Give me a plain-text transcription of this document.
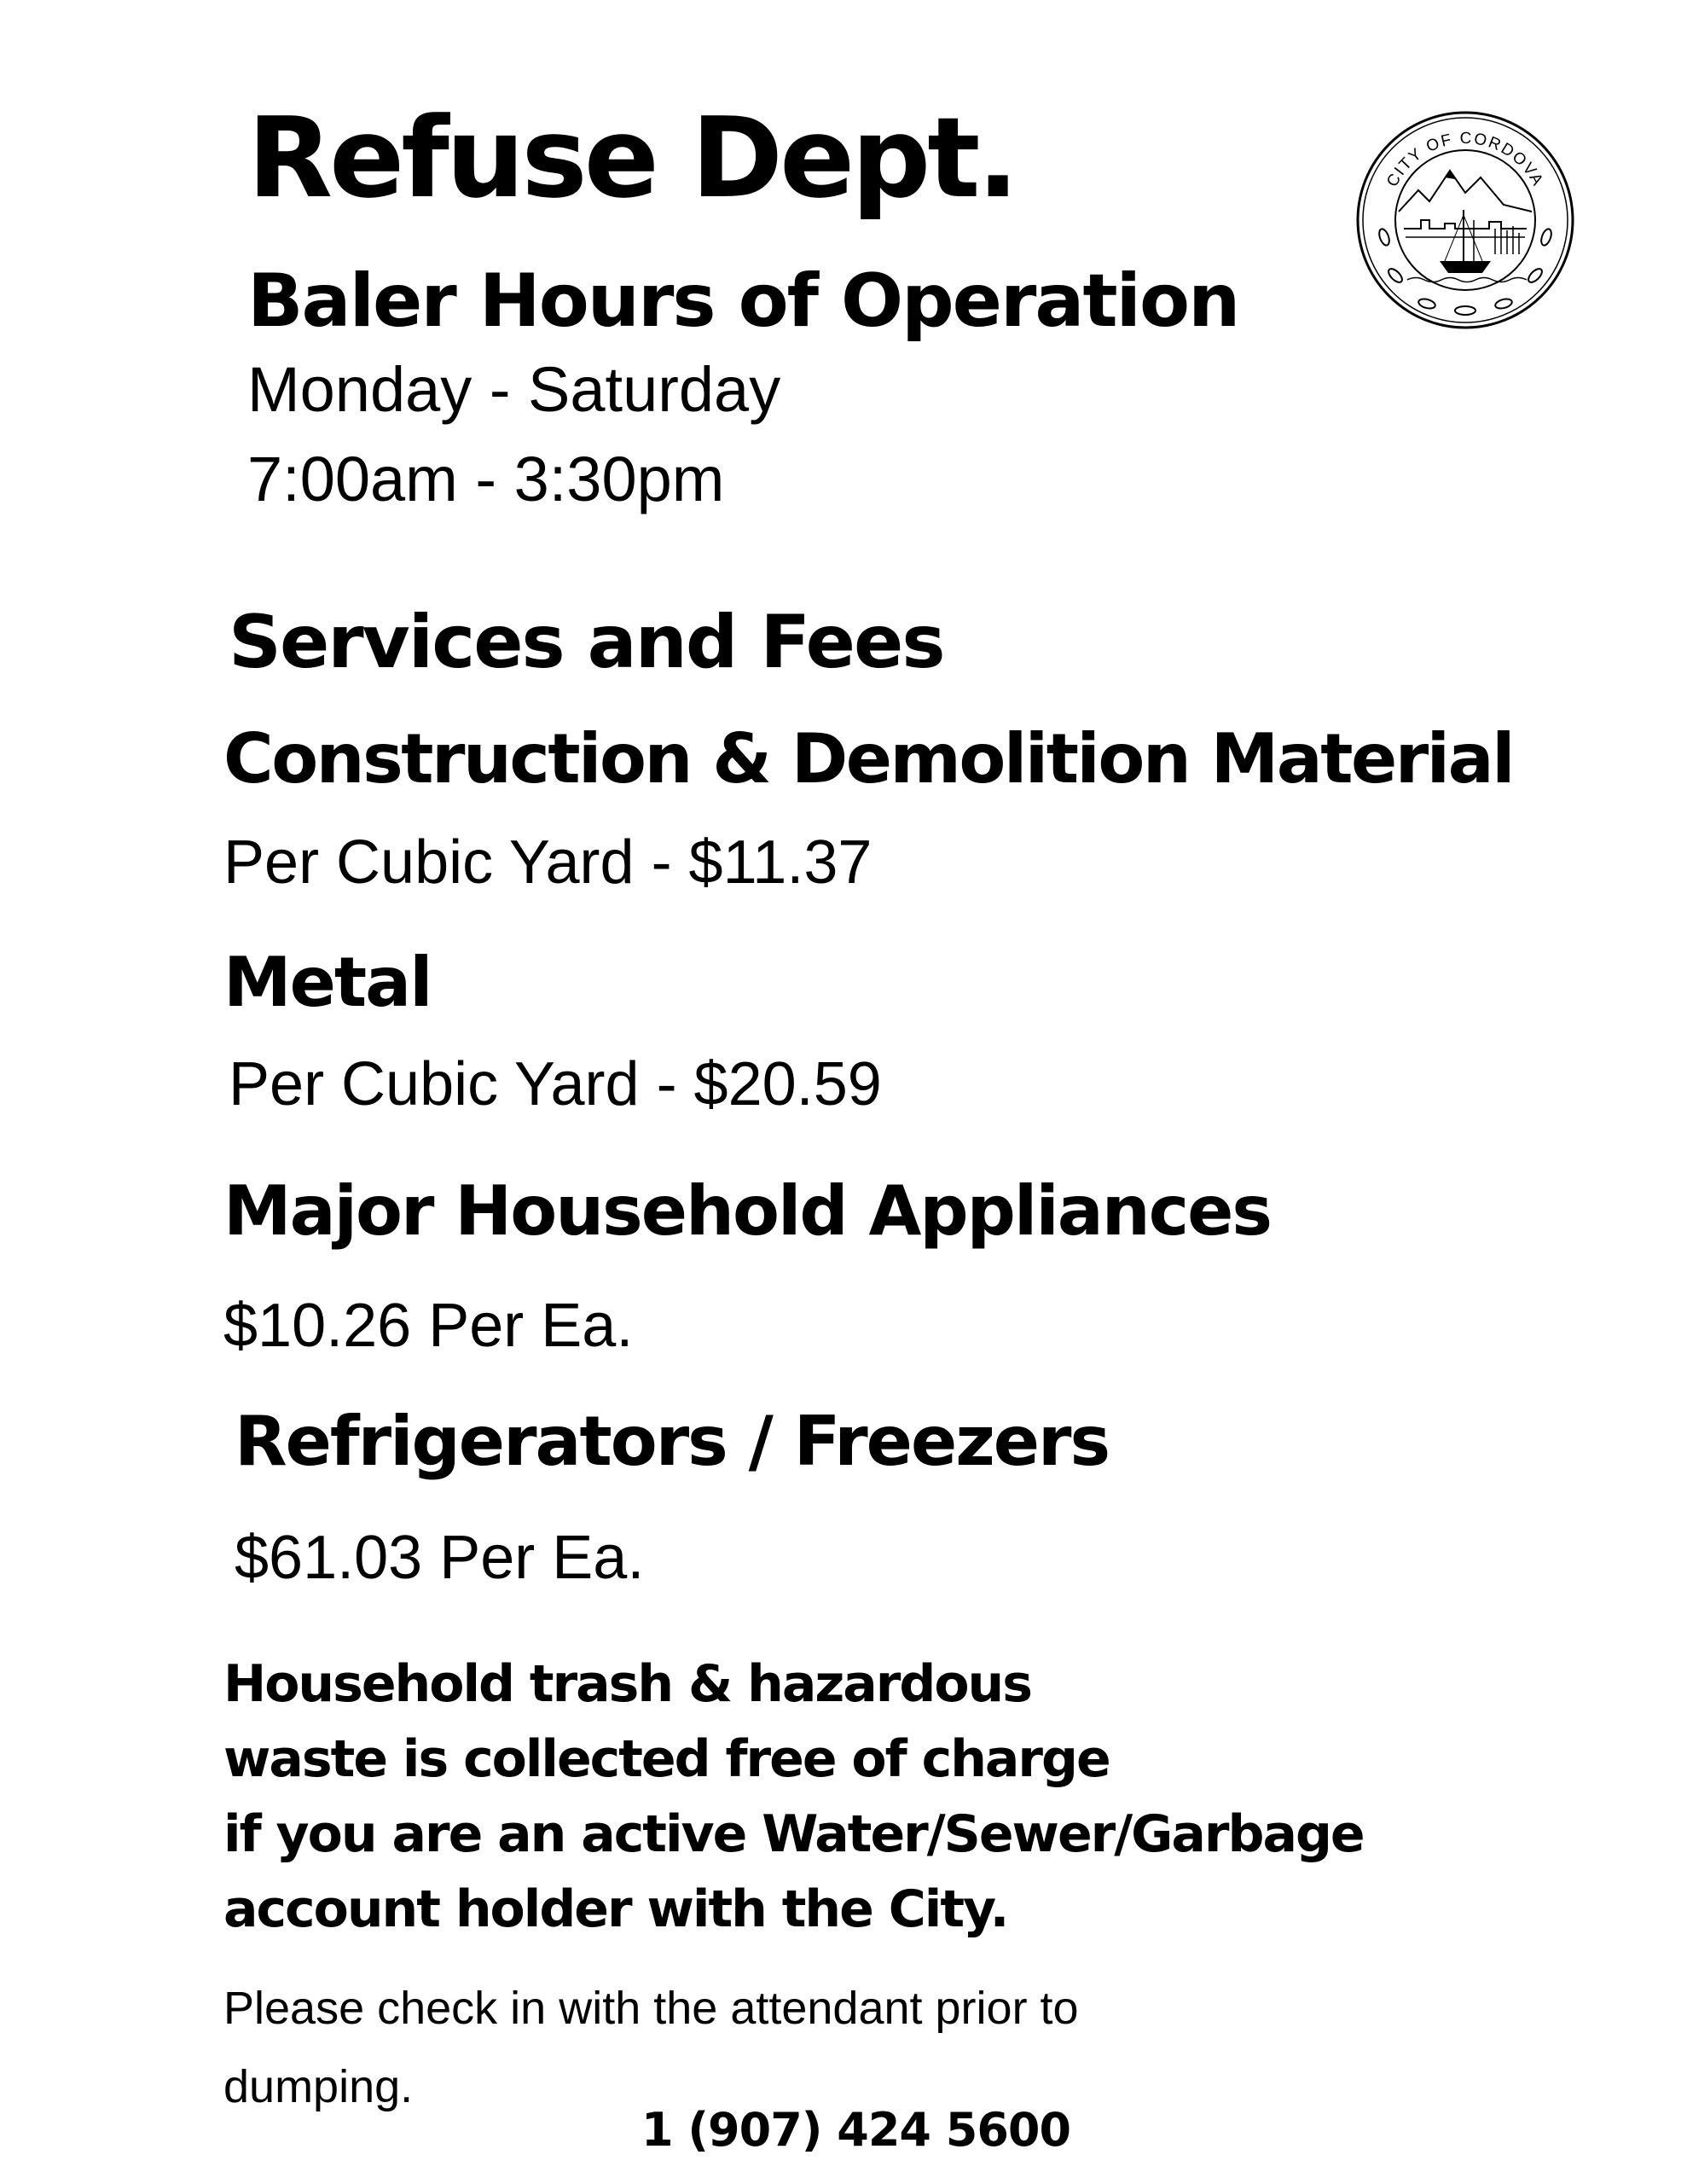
Refuse Dept.
Baler Hours of Operation

Monday - Saturday

7:00am - 3:30pm

CITY OF CORDOVA
Services and Fees
Construction & Demolition Material

Per Cubic Yard - $11.37

Metal

Per Cubic Yard - $20.59

Major Household Appliances

$10.26 Per Ea.

Refrigerators / Freezers

$61.03 Per Ea.

Household trash & hazardous
waste is collected free of charge
if you are an active Water/Sewer/Garbage
account holder with the City.

Please check in with the attendant prior to
dumping.

1 (907) 424 5600
